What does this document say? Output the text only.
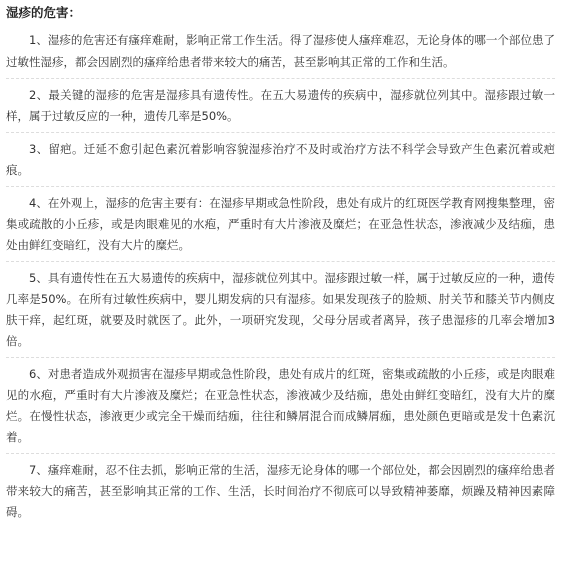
湿疹的危害：

1、湿疹的危害还有瘙痒难耐，影响正常工作生活。得了湿疹使人瘙痒难忍，无论身体的哪一个部位患了过敏性湿疹，都会因剧烈的瘙痒给患者带来较大的痛苦，甚至影响其正常的工作和生活。

2、最关键的湿疹的危害是湿疹具有遗传性。在五大易遗传的疾病中，湿疹就位列其中。湿疹跟过敏一样，属于过敏反应的一种，遗传几率是50%。

3、留疤。迁延不愈引起色素沉着影响容貌湿疹治疗不及时或治疗方法不科学会导致产生色素沉着或疤痕。

4、在外观上，湿疹的危害主要有：在湿疹早期或急性阶段，患处有成片的红斑医学教育网搜集整理，密集或疏散的小丘疹，或是肉眼难见的水疱，严重时有大片渗液及糜烂；在亚急性状态，渗液减少及结痂，患处由鲜红变暗红，没有大片的糜烂。

5、具有遗传性在五大易遗传的疾病中，湿疹就位列其中。湿疹跟过敏一样，属于过敏反应的一种，遗传几率是50%。在所有过敏性疾病中，婴儿期发病的只有湿疹。如果发现孩子的脸颊、肘关节和膝关节内侧皮肤干痒，起红斑，就要及时就医了。此外，一项研究发现，父母分居或者离异，孩子患湿疹的几率会增加3倍。

6、对患者造成外观损害在湿疹早期或急性阶段，患处有成片的红斑，密集或疏散的小丘疹，或是肉眼难见的水疱，严重时有大片渗液及糜烂；在亚急性状态，渗液减少及结痂，患处由鲜红变暗红，没有大片的糜烂。在慢性状态，渗液更少或完全干燥而结痂，往往和鳞屑混合而成鳞屑痂，患处颜色更暗或是发十色素沉着。

7、瘙痒难耐，忍不住去抓，影响正常的生活，湿疹无论身体的哪一个部位处，都会因剧烈的瘙痒给患者带来较大的痛苦，甚至影响其正常的工作、生活，长时间治疗不彻底可以导致精神萎靡，烦躁及精神因素障碍。
